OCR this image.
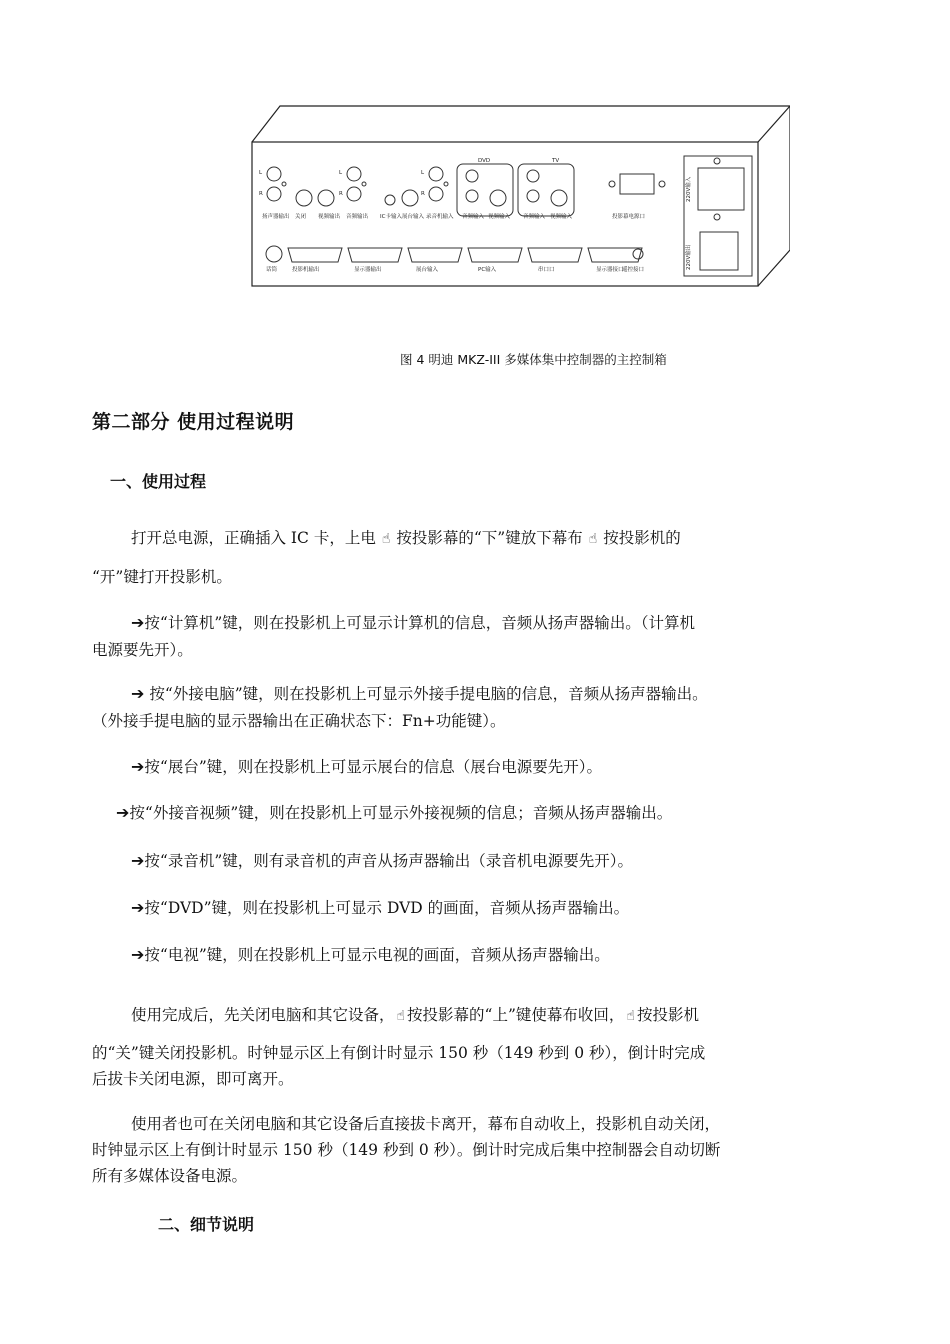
L
R
L
R
L
R
DVD	TV
扬声器输出 关闭 视频输出 音频输出 IC卡输入 展台输入 录音机输入 音频输入 视频输入 音频输入 视频输入	投影幕电源口
话筒	投影机输出	显示器输出	展台输入	PC输入	串口口	显示器接口
遥控接口
220V输入
220V输出
图 4 明迪 MKZ-III 多媒体集中控制器的主控制箱
第二部分 使用过程说明
一、使用过程
打开总电源，正确插入 IC 卡，上电 ☝ 按投影幕的“下”键放下幕布 ☝ 按投影机的
“开”键打开投影机。
➔按“计算机”键，则在投影机上可显示计算机的信息，音频从扬声器输出。（计算机
电源要先开）。
➔ 按“外接电脑”键，则在投影机上可显示外接手提电脑的信息，音频从扬声器输出。
（外接手提电脑的显示器输出在正确状态下：Fn+功能键）。
➔按“展台”键，则在投影机上可显示展台的信息（展台电源要先开）。
➔按“外接音视频”键，则在投影机上可显示外接视频的信息；音频从扬声器输出。
➔按“录音机”键，则有录音机的声音从扬声器输出（录音机电源要先开）。
➔按“DVD”键，则在投影机上可显示 DVD 的画面，音频从扬声器输出。
➔按“电视”键，则在投影机上可显示电视的画面，音频从扬声器输出。
使用完成后，先关闭电脑和其它设备， ☝ 按投影幕的“上”键使幕布收回， ☝ 按投影机
的“关”键关闭投影机。时钟显示区上有倒计时显示 150 秒（149 秒到 0 秒），倒计时完成
后拔卡关闭电源，即可离开。
使用者也可在关闭电脑和其它设备后直接拔卡离开，幕布自动收上，投影机自动关闭，
时钟显示区上有倒计时显示 150 秒（149 秒到 0 秒）。倒计时完成后集中控制器会自动切断
所有多媒体设备电源。
二、细节说明
